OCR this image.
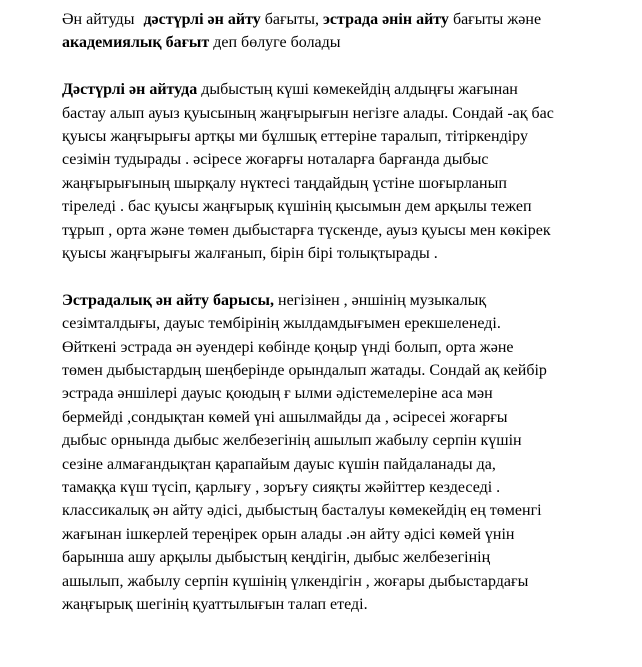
Ән айтуды дәстүрлі ән айту бағыты, эстрада әнін айту бағыты және
академиялық бағыт деп бөлуге болады

Дәстүрлі ән айтуда дыбыстың күші көмекейдің алдыңғы жағынан
бастау алып ауыз қуысының жаңғырығын негізге алады. Сондай -ақ бас
қуысы жаңғырығы артқы ми бұлшық еттеріне таралып, тітіркендіру
сезімін тудырады . әсіресе жоғарғы ноталарға барғанда дыбыс
жаңғырығының шырқалу нүктесі таңдайдың үстіне шоғырланып
тіреледі . бас қуысы жаңғырық күшінің қысымын дем арқылы тежеп
тұрып , орта және төмен дыбыстарға түскенде, ауыз қуысы мен көкірек
қуысы жаңғырығы жалғанып, бірін бірі толықтырады .

Эстрадалық ән айту барысы, негізінен , әншінің музыкалық
сезімталдығы, дауыс тембірінің жылдамдығымен ерекшеленеді.
Өйткені эстрада ән әуендері көбінде қоңыр үнді болып, орта және
төмен дыбыстардың шеңберінде орындалып жатады. Сондай ақ кейбір
эстрада әншілері дауыс қоюдың ғ ылми әдістемелеріне аса мән
бермейді ,сондықтан көмей үні ашылмайды да , әсіресеі жоғарғы
дыбыс орнында дыбыс желбезегінің ашылып жабылу серпін күшін
сезіне алмағандықтан қарапайым дауыс күшін пайдаланады да,
тамаққа күш түсіп, қарлығу , зоръғу сияқты жәйіттер кездеседі .
классикалық ән айту әдісі, дыбыстың басталуы көмекейдің ең төменгі
жағынан ішкерлей тереңірек орын алады .ән айту әдісі көмей үнін
барынша ашу арқылы дыбыстың кеңдігін, дыбыс желбезегінің
ашылып, жабылу серпін күшінің үлкендігін , жоғары дыбыстардағы
жаңғырық шегінің қуаттылығын талап етеді.
